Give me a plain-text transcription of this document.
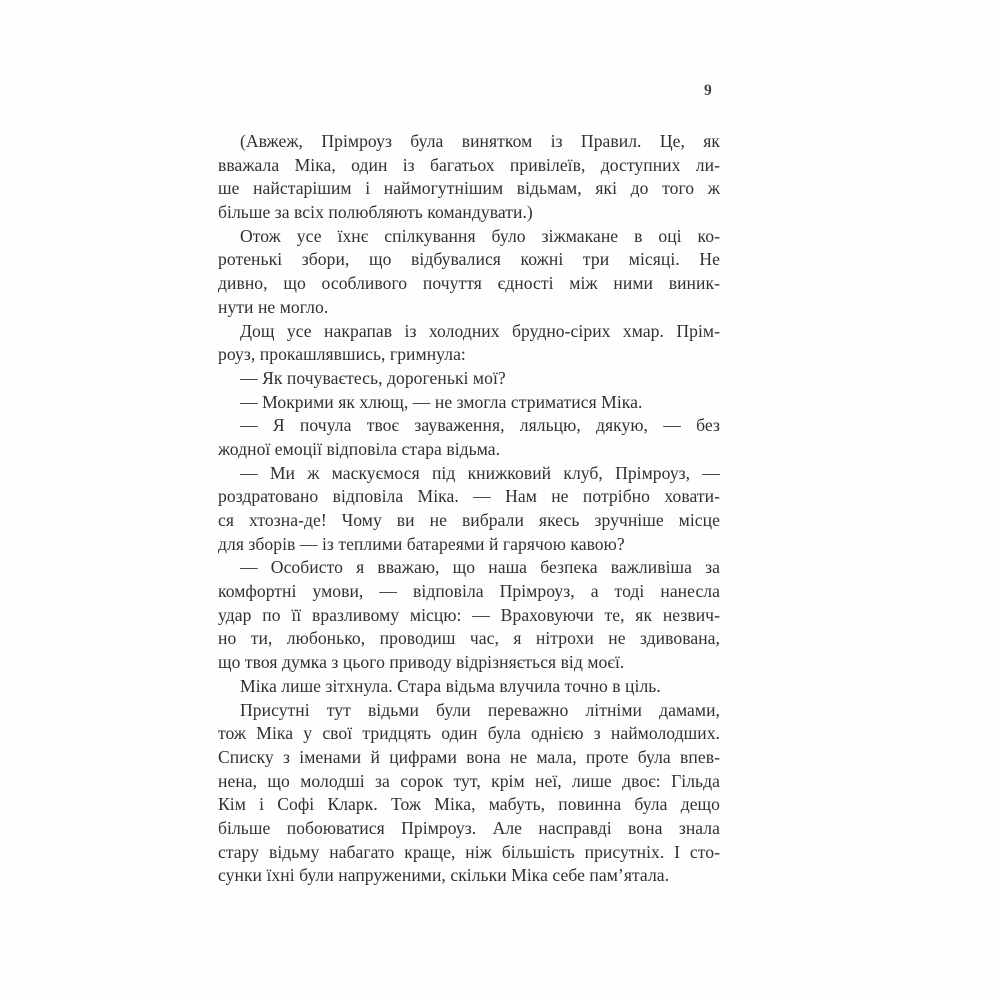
9
(Авжеж, Прімроуз була винятком із Правил. Це, як
вважала Міка, один із багатьох привілеїв, доступних ли-
ше найстарішим і наймогутнішим відьмам, які до того ж
більше за всіх полюбляють командувати.)
Отож усе їхнє спілкування було зіжмакане в оці ко-
ротенькі збори, що відбувалися кожні три місяці. Не
дивно, що особливого почуття єдності між ними виник-
нути не могло.
Дощ усе накрапав із холодних брудно-сірих хмар. Прім-
роуз, прокашлявшись, гримнула:
— Як почуваєтесь, дорогенькі мої?
— Мокрими як хлющ, — не змогла стриматися Міка.
— Я почула твоє зауваження, ляльцю, дякую, — без
жодної емоції відповіла стара відьма.
— Ми ж маскуємося під книжковий клуб, Прімроуз, —
роздратовано відповіла Міка. — Нам не потрібно ховати-
ся хтозна-де! Чому ви не вибрали якесь зручніше місце
для зборів — із теплими батареями й гарячою кавою?
— Особисто я вважаю, що наша безпека важливіша за
комфортні умови, — відповіла Прімроуз, а тоді нанесла
удар по її вразливому місцю: — Враховуючи те, як незвич-
но ти, любонько, проводиш час, я нітрохи не здивована,
що твоя думка з цього приводу відрізняється від моєї.
Міка лише зітхнула. Стара відьма влучила точно в ціль.
Присутні тут відьми були переважно літніми дамами,
тож Міка у свої тридцять один була однією з наймолодших.
Списку з іменами й цифрами вона не мала, проте була впев-
нена, що молодші за сорок тут, крім неї, лише двоє: Гільда
Кім і Софі Кларк. Тож Міка, мабуть, повинна була дещо
більше побоюватися Прімроуз. Але насправді вона знала
стару відьму набагато краще, ніж більшість присутніх. І сто-
сунки їхні були напруженими, скільки Міка себе пам’ятала.
